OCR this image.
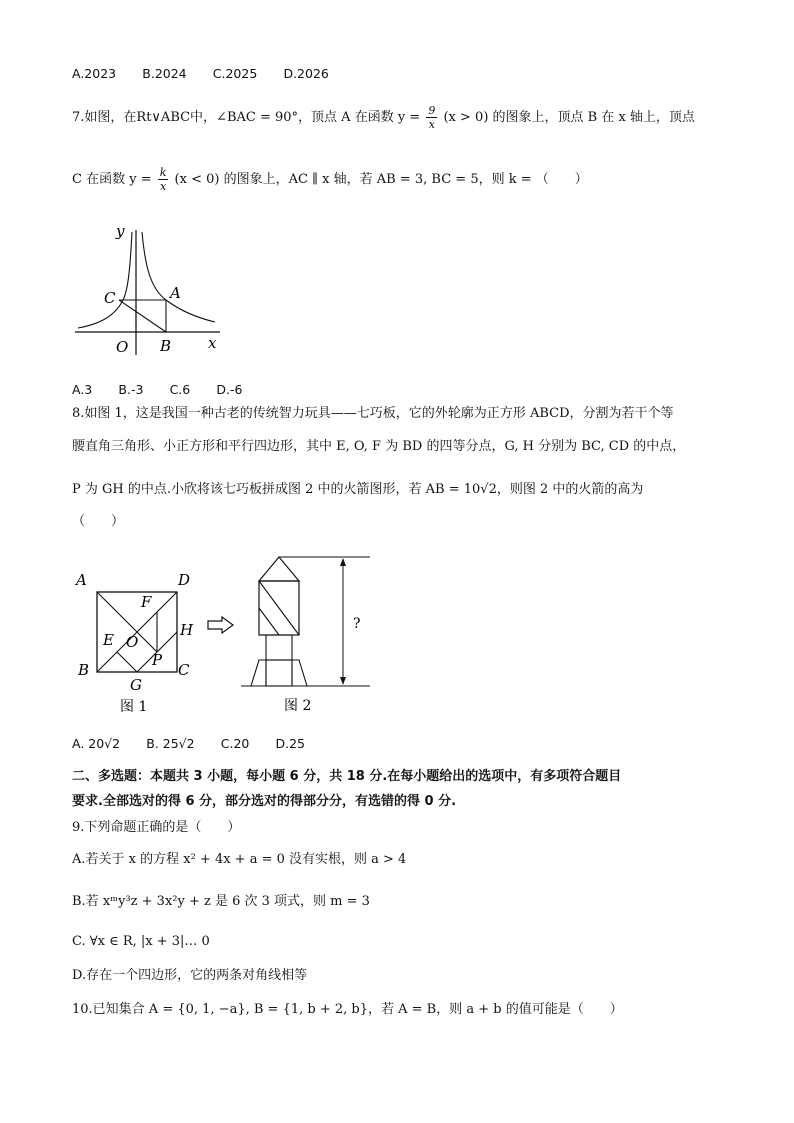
A.2023 B.2024 C.2025 D.2026
7.如图，在Rt∨ABC中，∠BAC = 90°，顶点 A 在函数 $y = \frac{9}{x} (x > 0)$ 的图象上，顶点 B 在 x 轴上，顶点
C 在函数 $y = \frac{k}{x} (x < 0)$ 的图象上，AC ∥ x 轴，若 AB = 3, BC = 5，则 k = （　　）
y
x
O
A
B
C
A.3 B.-3 C.6 D.-6
8.如图 1，这是我国一种古老的传统智力玩具——七巧板，它的外轮廓为正方形 ABCD，分割为若干个等
腰直角三角形、小正方形和平行四边形，其中 E, O, F 为 BD 的四等分点，G, H 分别为 BC, CD 的中点，
P 为 GH 的中点.小欣将该七巧板拼成图 2 中的火箭图形，若 AB = 10√2，则图 2 中的火箭的高为
（　　）
A	D
B	C
E
F
O
P
H
G
图 1
?
图 2
A. 20√2 B. 25√2 C.20 D.25
二、多选题：本题共 3 小题，每小题 6 分，共 18 分.在每小题给出的选项中，有多项符合题目
要求.全部选对的得 6 分，部分选对的得部分分，有选错的得 0 分.
9.下列命题正确的是（　　）
A.若关于 x 的方程 x² + 4x + a = 0 没有实根，则 a > 4
B.若 xᵐy³z + 3x²y + z 是 6 次 3 项式，则 m = 3
C. ∀x ∈ R, |x + 3|… 0
D.存在一个四边形，它的两条对角线相等
10.已知集合 A = {0, 1, −a}, B = {1, b + 2, b}，若 A = B，则 a + b 的值可能是（　　）
